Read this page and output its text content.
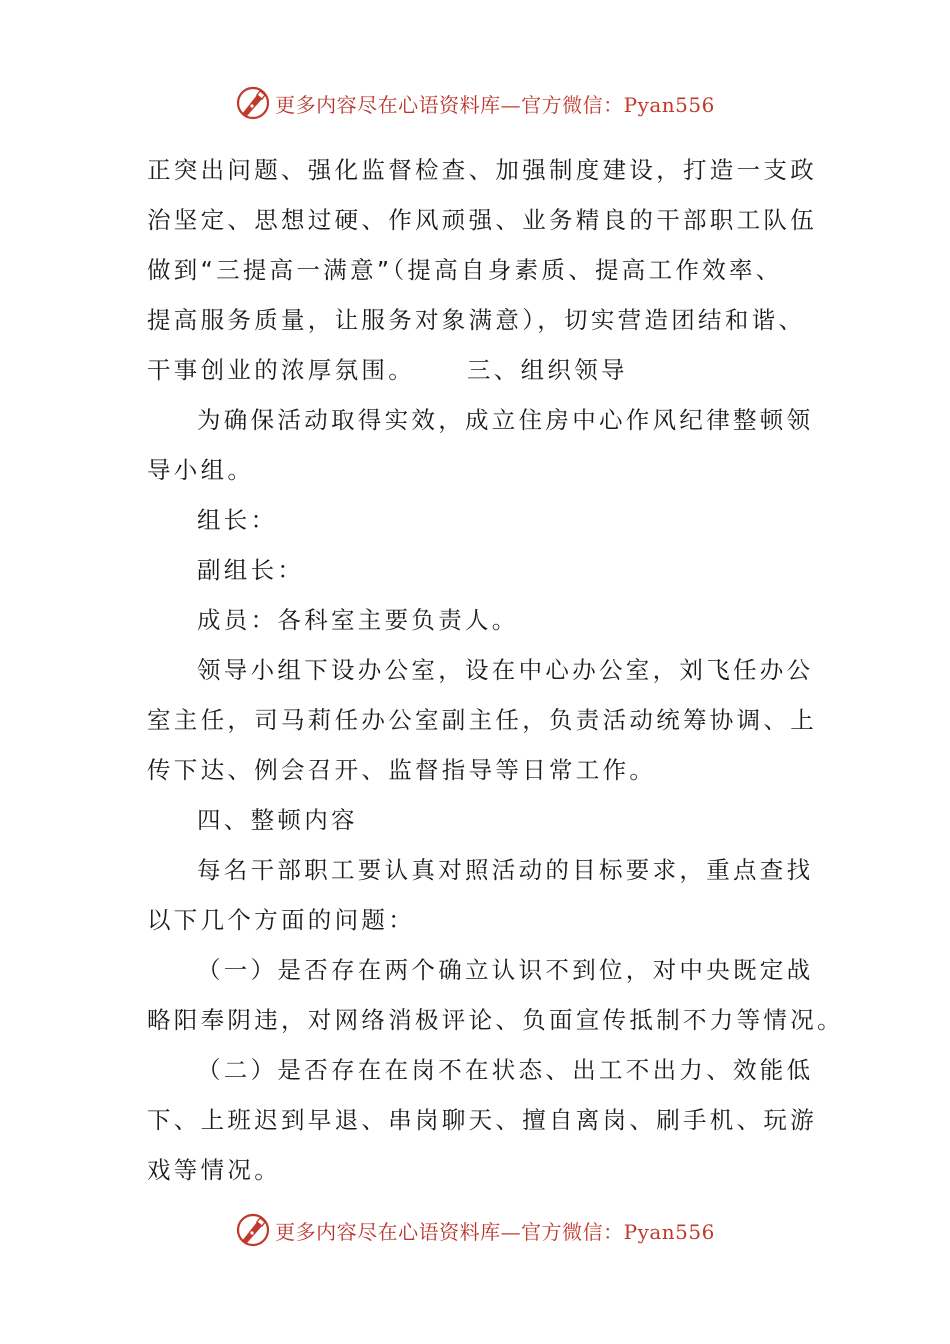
更多内容尽在心语资料库—官方微信：Pyan556
正突出问题、强化监督检查、加强制度建设，打造一支政
治坚定、思想过硬、作风顽强、业务精良的干部职工队伍
做到“三提高一满意”（提高自身素质、提高工作效率、
提高服务质量，让服务对象满意），切实营造团结和谐、
干事创业的浓厚氛围。 三、组织领导
为确保活动取得实效，成立住房中心作风纪律整顿领
导小组。
组长：
副组长：
成员：各科室主要负责人。
领导小组下设办公室，设在中心办公室，刘飞任办公
室主任，司马莉任办公室副主任，负责活动统筹协调、上
传下达、例会召开、监督指导等日常工作。
四、整顿内容
每名干部职工要认真对照活动的目标要求，重点查找
以下几个方面的问题：
（一）是否存在两个确立认识不到位，对中央既定战
略阳奉阴违，对网络消极评论、负面宣传抵制不力等情况。
（二）是否存在在岗不在状态、出工不出力、效能低
下、上班迟到早退、串岗聊天、擅自离岗、刷手机、玩游
戏等情况。
更多内容尽在心语资料库—官方微信：Pyan556
